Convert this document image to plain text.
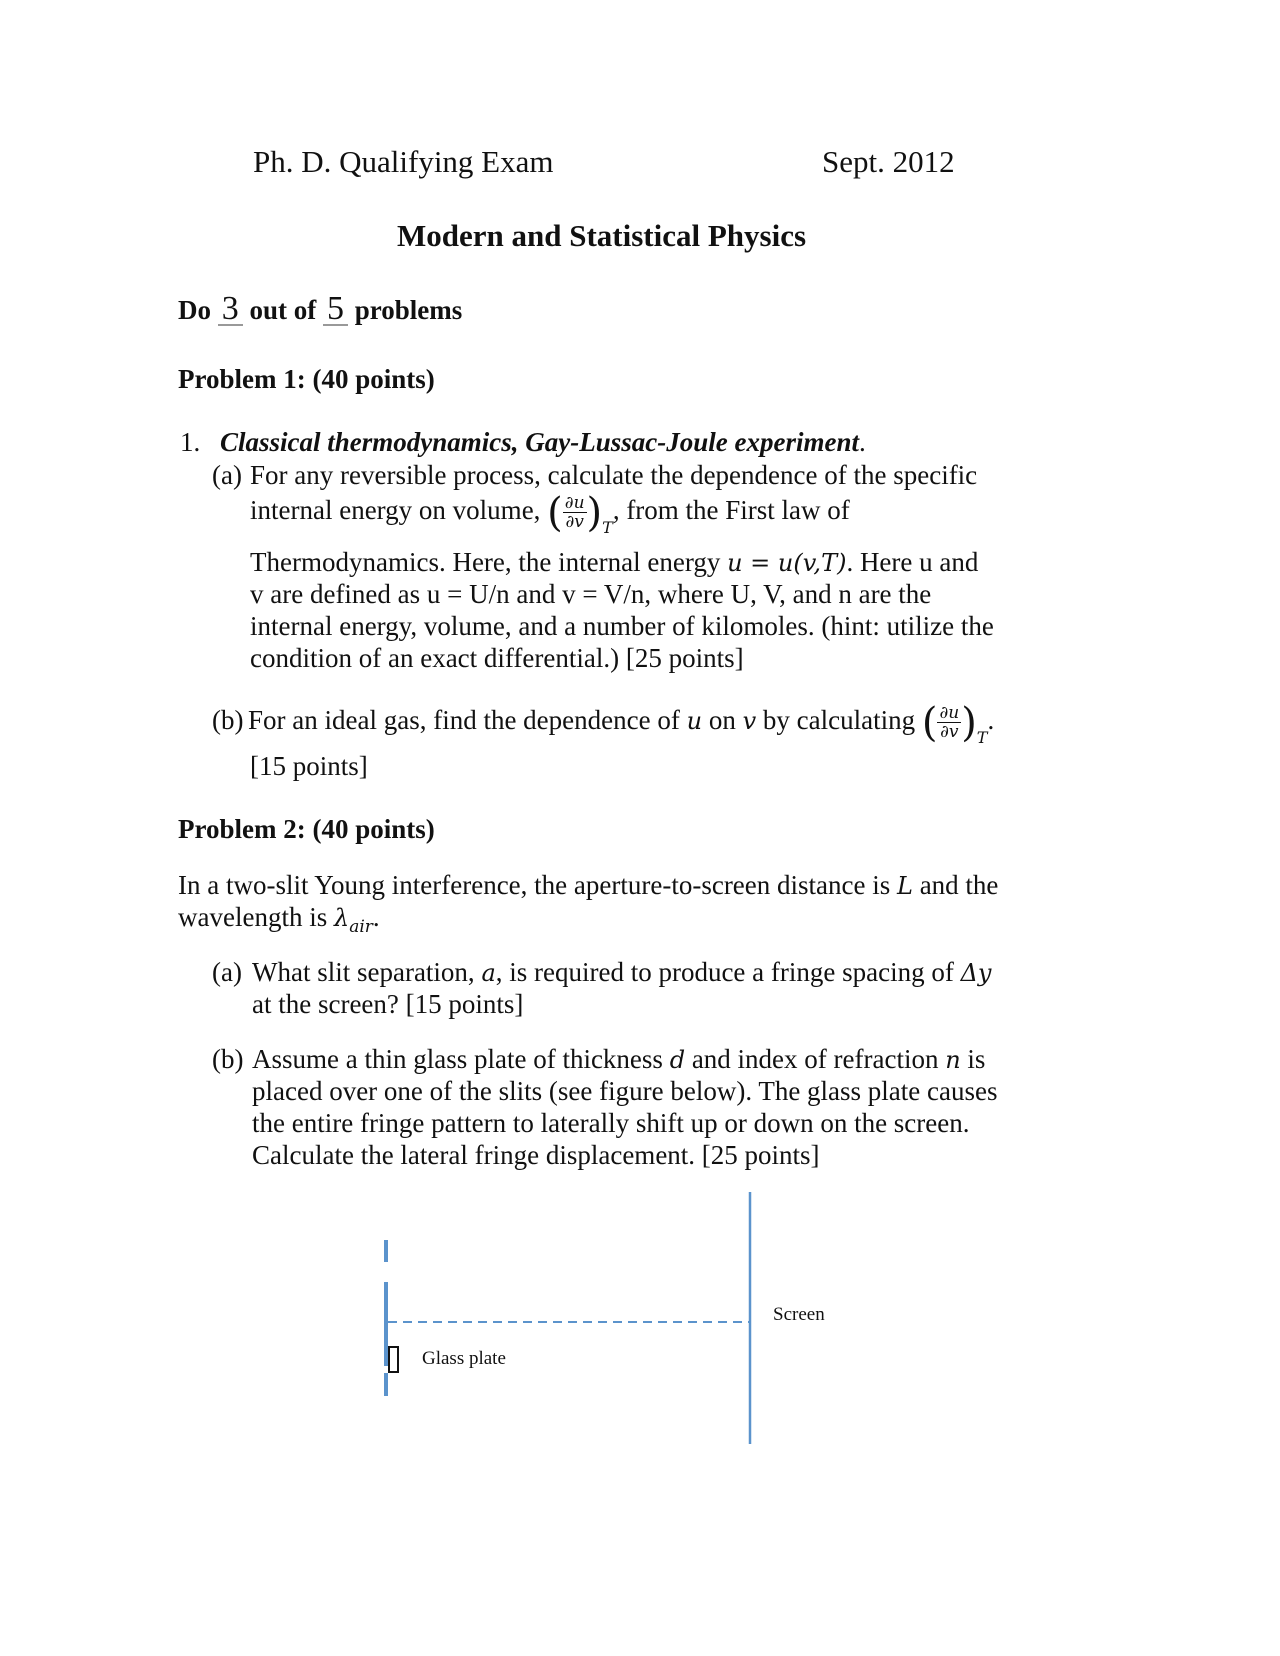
Ph. D. Qualifying Exam	Sept. 2012
Modern and Statistical Physics
Do 3 out of 5 problems
Problem 1: (40 points)
1. Classical thermodynamics, Gay-Lussac-Joule experiment.
(a) For any reversible process, calculate the dependence of the specific
internal energy on volume, ( $\frac{\partial u}{\partial v} )_T$, from the First law of
Thermodynamics. Here, the internal energy u = u(v,T). Here u and
v are defined as u = U/n and v = V/n, where U, V, and n are the
internal energy, volume, and a number of kilomoles. (hint: utilize the
condition of an exact differential.) [25 points]
(b) For an ideal gas, find the dependence of u on v by calculating ( $\frac{\partial u}{\partial v} )_T$.
[15 points]
Problem 2: (40 points)
In a two-slit Young interference, the aperture-to-screen distance is L and the
wavelength is $\lambda_{air}$.
(a) What slit separation, a, is required to produce a fringe spacing of Δy
at the screen? [15 points]
(b) Assume a thin glass plate of thickness d and index of refraction n is
placed over one of the slits (see figure below). The glass plate causes
the entire fringe pattern to laterally shift up or down on the screen.
Calculate the lateral fringe displacement. [25 points]
Screen
Glass plate
